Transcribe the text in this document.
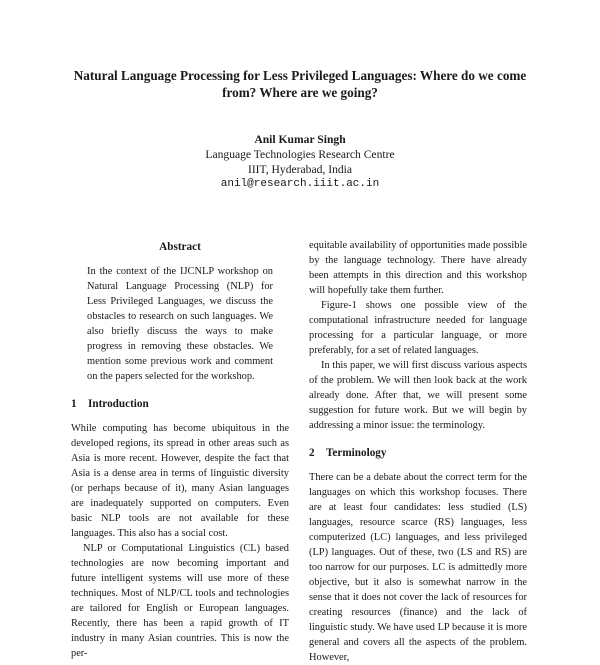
Natural Language Processing for Less Privileged Languages: Where do we come from? Where are we going?
Anil Kumar Singh
Language Technologies Research Centre
IIIT, Hyderabad, India
anil@research.iiit.ac.in
Abstract

In the context of the IJCNLP workshop on Natural Language Processing (NLP) for Less Privileged Languages, we discuss the obstacles to research on such languages. We also briefly discuss the ways to make progress in removing these obstacles. We mention some previous work and comment on the papers selected for the workshop.

1 Introduction

While computing has become ubiquitous in the developed regions, its spread in other areas such as Asia is more recent. However, despite the fact that Asia is a dense area in terms of linguistic diversity (or perhaps because of it), many Asian languages are inadequately supported on computers. Even basic NLP tools are not available for these languages. This also has a social cost.

NLP or Computational Linguistics (CL) based technologies are now becoming important and future intelligent systems will use more of these techniques. Most of NLP/CL tools and technologies are tailored for English or European languages. Recently, there has been a rapid growth of IT industry in many Asian countries. This is now the per-

equitable availability of opportunities made possible by the language technology. There have already been attempts in this direction and this workshop will hopefully take them further.

Figure-1 shows one possible view of the computational infrastructure needed for language processing for a particular language, or more preferably, for a set of related languages.

In this paper, we will first discuss various aspects of the problem. We will then look back at the work already done. After that, we will present some suggestion for future work. But we will begin by addressing a minor issue: the terminology.

2 Terminology

There can be a debate about the correct term for the languages on which this workshop focuses. There are at least four candidates: less studied (LS) languages, resource scarce (RS) languages, less computerized (LC) languages, and less privileged (LP) languages. Out of these, two (LS and RS) are too narrow for our purposes. LC is admittedly more objective, but it also is somewhat narrow in the sense that it does not cover the lack of resources for creating resources (finance) and the lack of linguistic study. We have used LP because it is more general and covers all the aspects of the problem. However,
